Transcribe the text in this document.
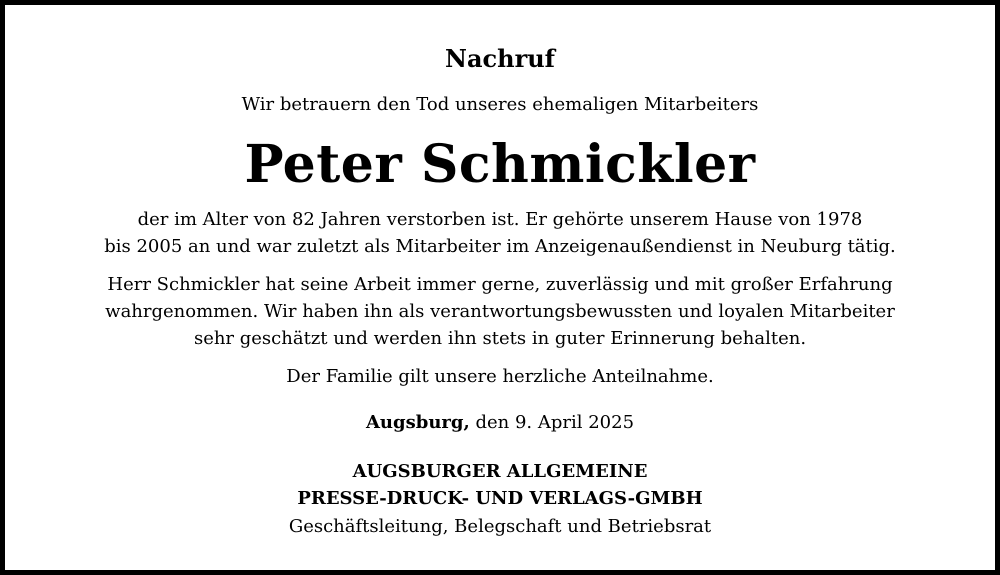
Nachruf
Wir betrauern den Tod unseres ehemaligen Mitarbeiters
Peter Schmickler
der im Alter von 82 Jahren verstorben ist. Er gehörte unserem Hause von 1978
bis 2005 an und war zuletzt als Mitarbeiter im Anzeigenaußendienst in Neuburg tätig.
Herr Schmickler hat seine Arbeit immer gerne, zuverlässig und mit großer Erfahrung
wahrgenommen. Wir haben ihn als verantwortungsbewussten und loyalen Mitarbeiter
sehr geschätzt und werden ihn stets in guter Erinnerung behalten.
Der Familie gilt unsere herzliche Anteilnahme.
Augsburg, den 9. April 2025
AUGSBURGER ALLGEMEINE
PRESSE-DRUCK- UND VERLAGS-GMBH
Geschäftsleitung, Belegschaft und Betriebsrat
